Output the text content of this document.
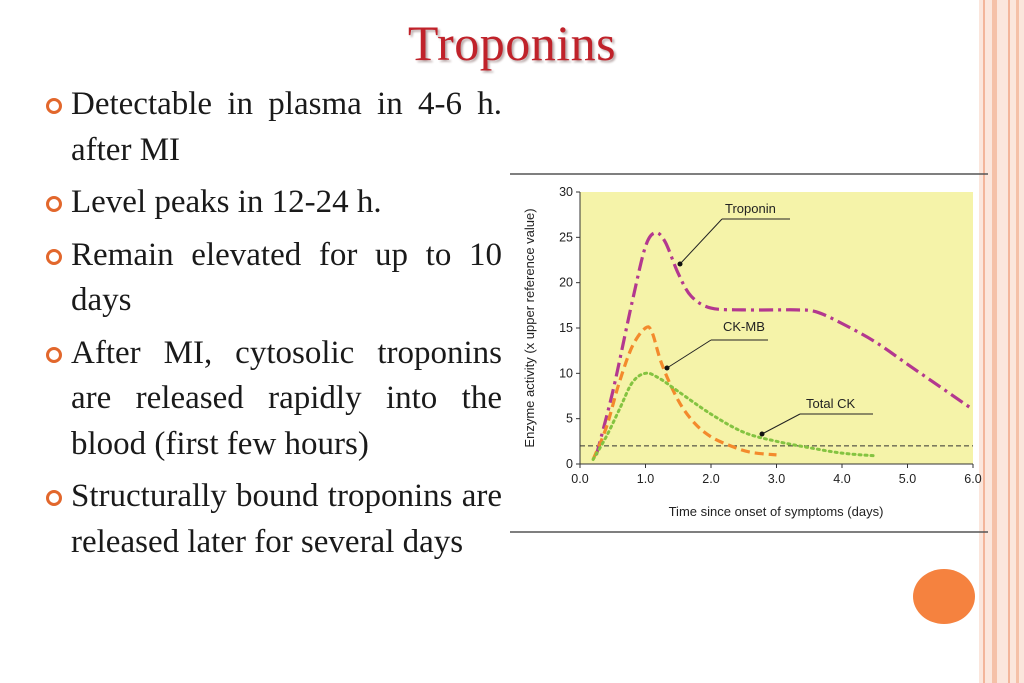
Troponins
Detectable in plasma in 4-6 h. after MI
Level peaks in 12-24 h.
Remain elevated for up to 10 days
After MI, cytosolic troponins are released rapidly into the blood (first few hours)
Structurally bound troponins are released later for several days
0.0	1.0	2.0	3.0	4.0	5.0	6.0
0
5
10
15
20
25
30
Troponin
CK-MB
Total CK
Time since onset of symptoms (days)
Enzyme activity (x upper reference value)
